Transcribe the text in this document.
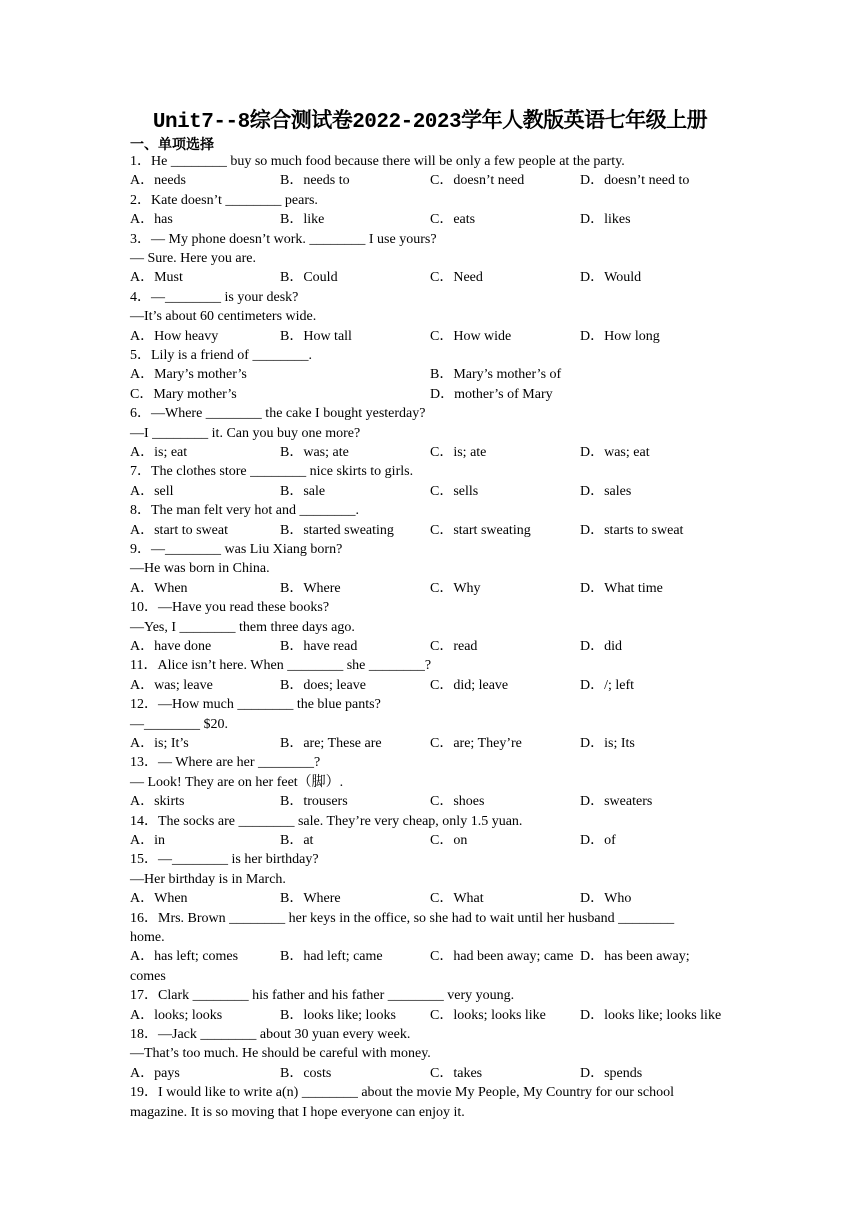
Unit7--8综合测试卷2022-2023学年人教版英语七年级上册
一、单项选择
1．He ________ buy so much food because there will be only a few people at the party.
A．needs	B．needs to	C．doesn’t need	D．doesn’t need to
2．Kate doesn’t ________ pears.
A．has	B．like	C．eats	D．likes
3．— My phone doesn’t work. ________ I use yours?
— Sure. Here you are.
A．Must	B．Could	C．Need	D．Would
4．—________ is your desk?
—It’s about 60 centimeters wide.
A．How heavy	B．How tall	C．How wide	D．How long
5．Lily is a friend of ________.
A．Mary’s mother’s	B．Mary’s mother’s of
C．Mary mother’s	D．mother’s of Mary
6．—Where ________ the cake I bought yesterday?
—I ________ it. Can you buy one more?
A．is; eat	B．was; ate	C．is; ate	D．was; eat
7．The clothes store ________ nice skirts to girls.
A．sell	B．sale	C．sells	D．sales
8．The man felt very hot and ________.
A．start to sweat	B．started sweating	C．start sweating	D．starts to sweat
9．—________ was Liu Xiang born?
—He was born in China.
A．When	B．Where	C．Why	D．What time
10．—Have you read these books?
—Yes, I ________ them three days ago.
A．have done	B．have read	C．read	D．did
11．Alice isn’t here. When ________ she ________?
A．was; leave	B．does; leave	C．did; leave	D．/; left
12．—How much ________ the blue pants?
—________ $20.
A．is; It’s	B．are; These are	C．are; They’re	D．is; Its
13．— Where are her ________?
— Look! They are on her feet（脚）.
A．skirts	B．trousers	C．shoes	D．sweaters
14．The socks are ________ sale. They’re very cheap, only 1.5 yuan.
A．in	B．at	C．on	D．of
15．—________ is her birthday?
—Her birthday is in March.
A．When	B．Where	C．What	D．Who
16．Mrs. Brown ________ her keys in the office, so she had to wait until her husband ________
home.
A．has left; comes	B．had left; came	C．had been away; came D．has been away;
comes
17．Clark ________ his father and his father ________ very young.
A．looks; looks	B．looks like; looks C．looks; looks like D．looks like; looks like
18．—Jack ________ about 30 yuan every week.
—That’s too much. He should be careful with money.
A．pays	B．costs	C．takes	D．spends
19．I would like to write a(n) ________ about the movie My People, My Country for our school
magazine. It is so moving that I hope everyone can enjoy it.
